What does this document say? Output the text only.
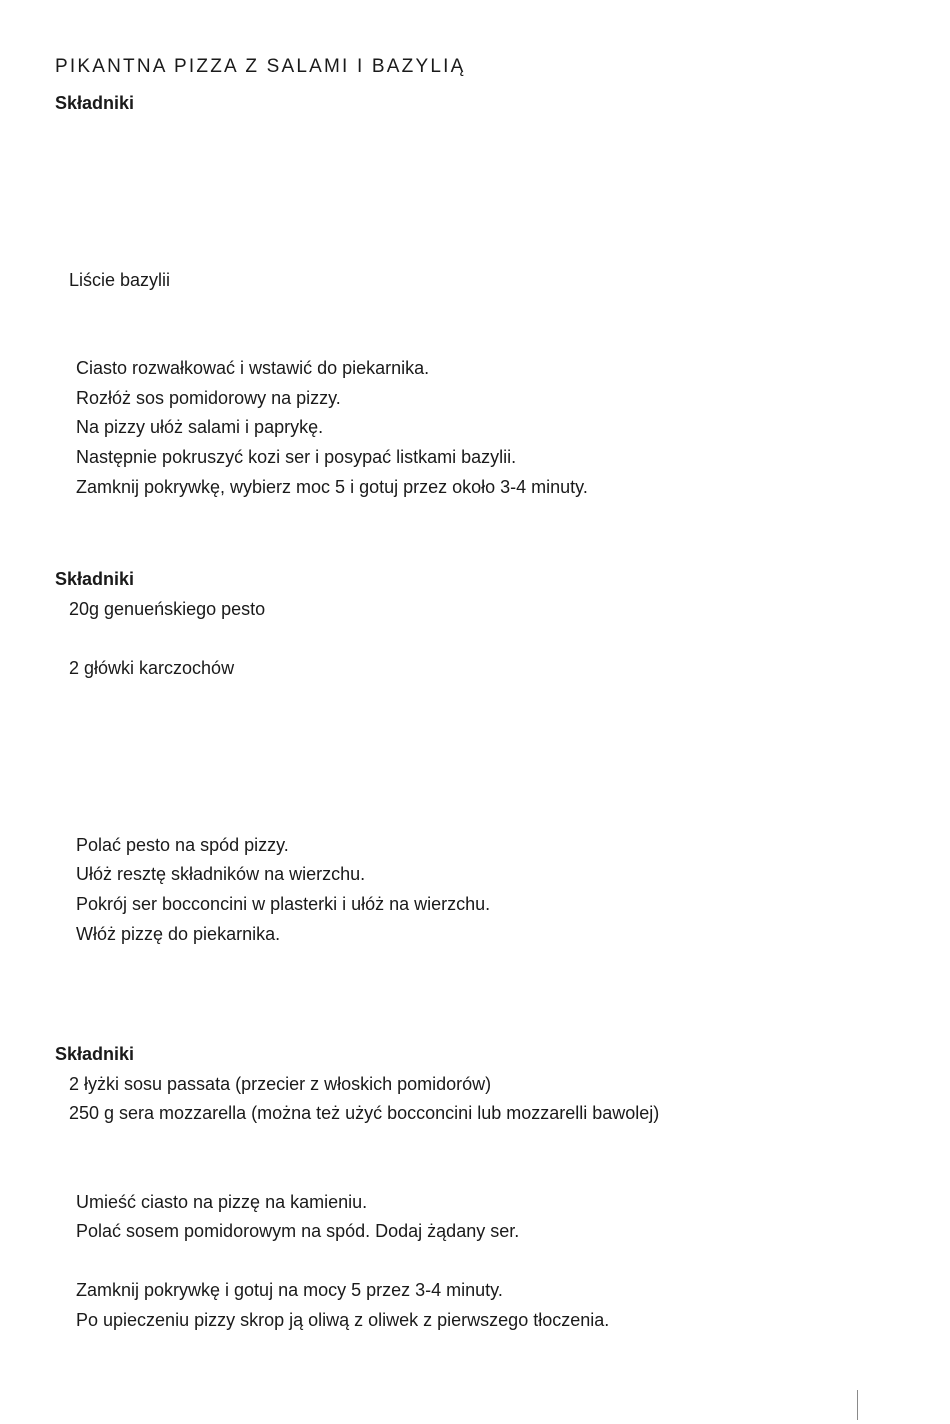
PIKANTNA PIZZA Z SALAMI I BAZYLIĄ
Składniki

Liście bazylii

Ciasto rozwałkować i wstawić do piekarnika.

Rozłóż sos pomidorowy na pizzy.

Na pizzy ułóż salami i paprykę.

Następnie pokruszyć kozi ser i posypać listkami bazylii.

Zamknij pokrywkę, wybierz moc 5 i gotuj przez około 3-4 minuty.

Składniki

20g genueńskiego pesto

2 główki karczochów

Polać pesto na spód pizzy.

Ułóż resztę składników na wierzchu.

Pokrój ser bocconcini w plasterki i ułóż na wierzchu.

Włóż pizzę do piekarnika.

Składniki

2 łyżki sosu passata (przecier z włoskich pomidorów)

250 g sera mozzarella (można też użyć bocconcini lub mozzarelli bawolej)

Umieść ciasto na pizzę na kamieniu.

Polać sosem pomidorowym na spód. Dodaj żądany ser.

Zamknij pokrywkę i gotuj na mocy 5 przez 3-4 minuty.

Po upieczeniu pizzy skrop ją oliwą z oliwek z pierwszego tłoczenia.
